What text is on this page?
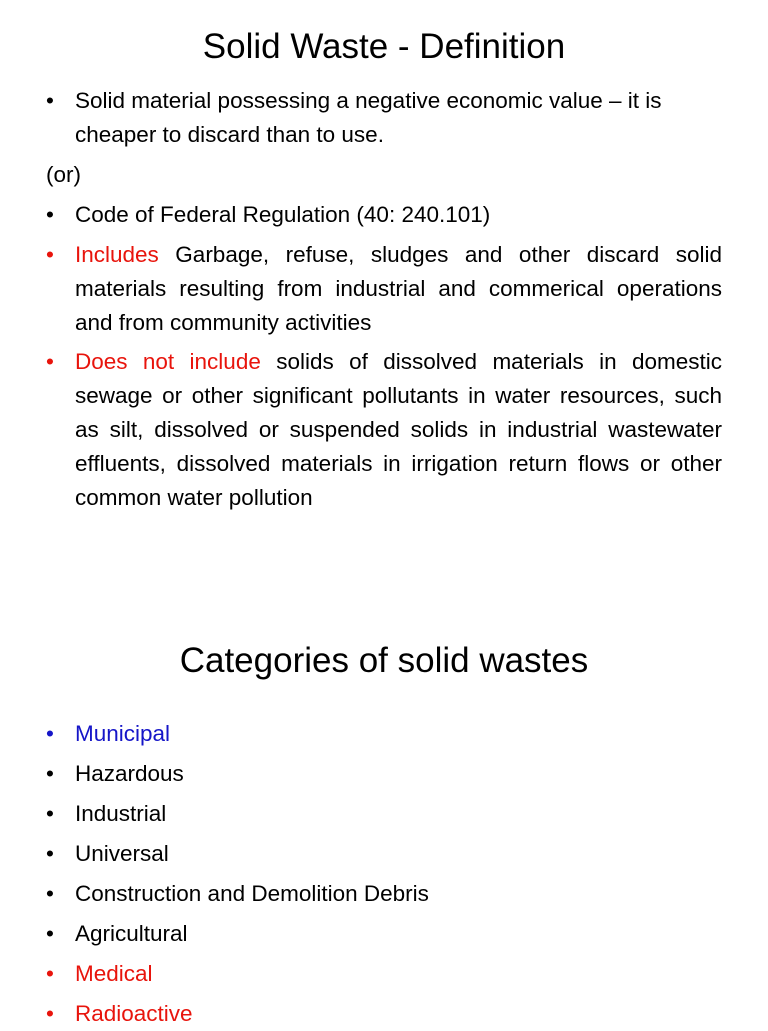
Solid Waste - Definition
• Solid material possessing a negative economic value – it is cheaper to discard than to use.
(or)
• Code of Federal Regulation (40: 240.101)
• Includes Garbage, refuse, sludges and other discard solid materials resulting from industrial and commerical operations and from community activities
• Does not include solids of dissolved materials in domestic sewage or other significant pollutants in water resources, such as silt, dissolved or suspended solids in industrial wastewater effluents, dissolved materials in irrigation return flows or other common water pollution
Categories of solid wastes
• Municipal
• Hazardous
• Industrial
• Universal
• Construction and Demolition Debris
• Agricultural
• Medical
• Radioactive
